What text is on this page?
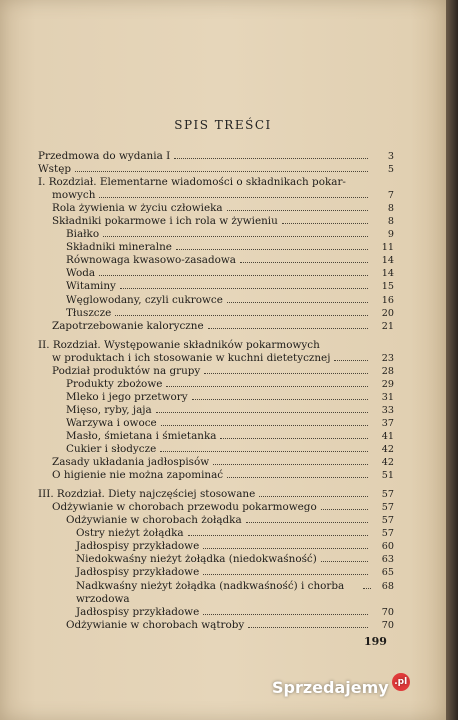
SPIS TREŚCI
Przedmowa do wydania I	3
Wstęp	5
I. Rozdział. Elementarne wiadomości o składnikach pokar-
mowych	7
Rola żywienia w życiu człowieka	8
Składniki pokarmowe i ich rola w żywieniu	8
Białko	9
Składniki mineralne	11
Równowaga kwasowo-zasadowa	14
Woda	14
Witaminy	15
Węglowodany, czyli cukrowce	16
Tłuszcze	20
Zapotrzebowanie kaloryczne	21
II. Rozdział. Występowanie składników pokarmowych
w produktach i ich stosowanie w kuchni dietetycznej	23
Podział produktów na grupy	28
Produkty zbożowe	29
Mleko i jego przetwory	31
Mięso, ryby, jaja	33
Warzywa i owoce	37
Masło, śmietana i śmietanka	41
Cukier i słodycze	42
Zasady układania jadłospisów	42
O higienie nie można zapominać	51
III. Rozdział. Diety najczęściej stosowane	57
Odżywianie w chorobach przewodu pokarmowego	57
Odżywianie w chorobach żołądka	57
Ostry nieżyt żołądka	57
Jadłospisy przykładowe	60
Niedokwaśny nieżyt żołądka (niedokwaśność)	63
Jadłospisy przykładowe	65
Nadkwaśny nieżyt żołądka (nadkwaśność) i chorba wrzodowa
68
Jadłospisy przykładowe	70
Odżywianie w chorobach wątroby	70
199
Sprzedajemy .pl
